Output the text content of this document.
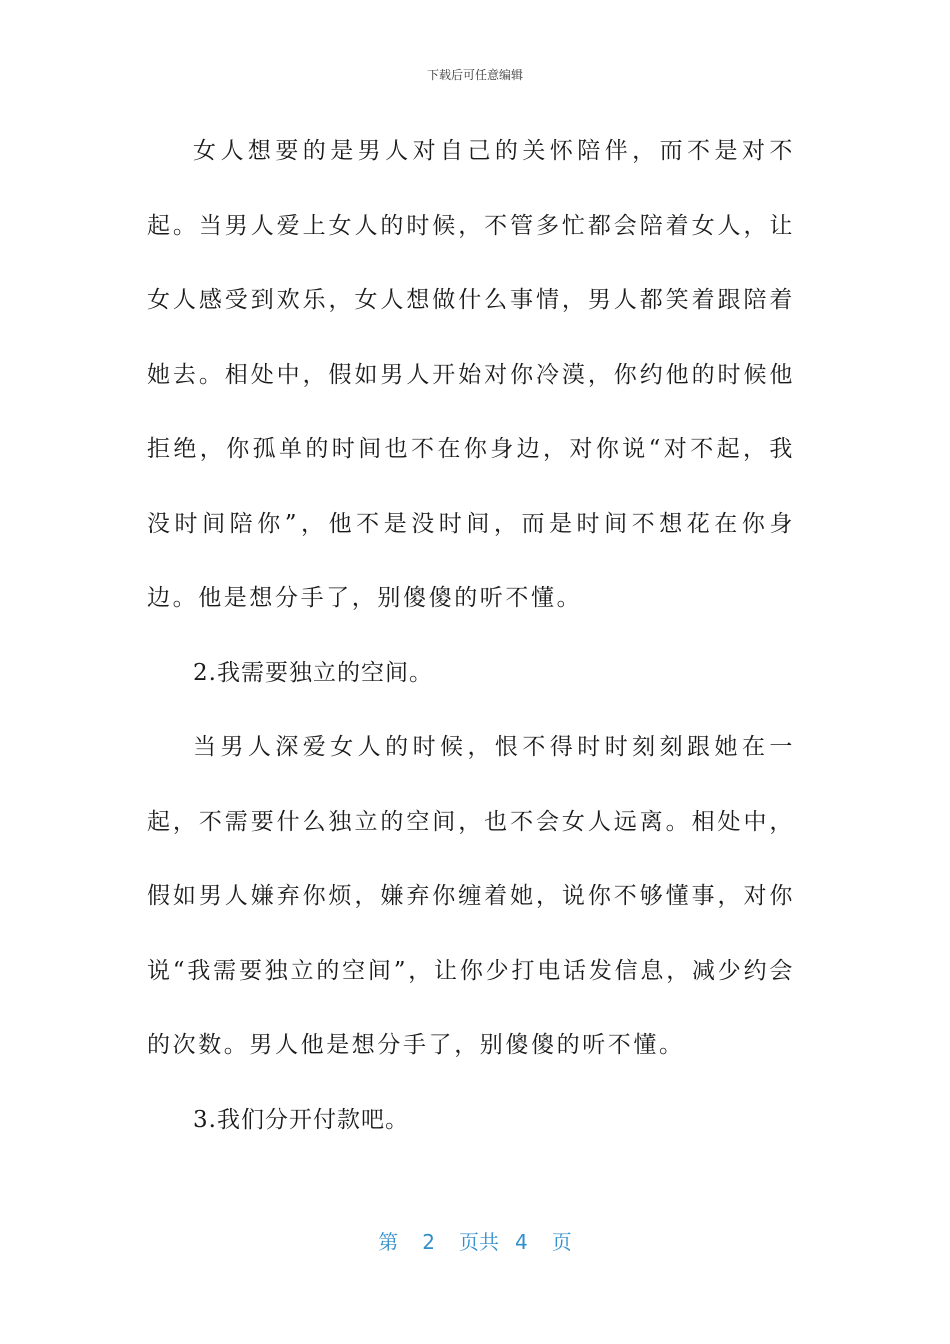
下载后可任意编辑

女人想要的是男人对自己的关怀陪伴，而不是对不起。当男人爱上女人的时候，不管多忙都会陪着女人，让女人感受到欢乐，女人想做什么事情，男人都笑着跟陪着她去。相处中，假如男人开始对你冷漠，你约他的时候他拒绝，你孤单的时间也不在你身边，对你说“对不起，我没时间陪你”，他不是没时间，而是时间不想花在你身边。他是想分手了，别傻傻的听不懂。

2.我需要独立的空间。

当男人深爱女人的时候，恨不得时时刻刻跟她在一起，不需要什么独立的空间，也不会女人远离。相处中，假如男人嫌弃你烦，嫌弃你缠着她，说你不够懂事，对你说“我需要独立的空间”，让你少打电话发信息，减少约会的次数。男人他是想分手了，别傻傻的听不懂。

3.我们分开付款吧。

第 2 页共 4 页
